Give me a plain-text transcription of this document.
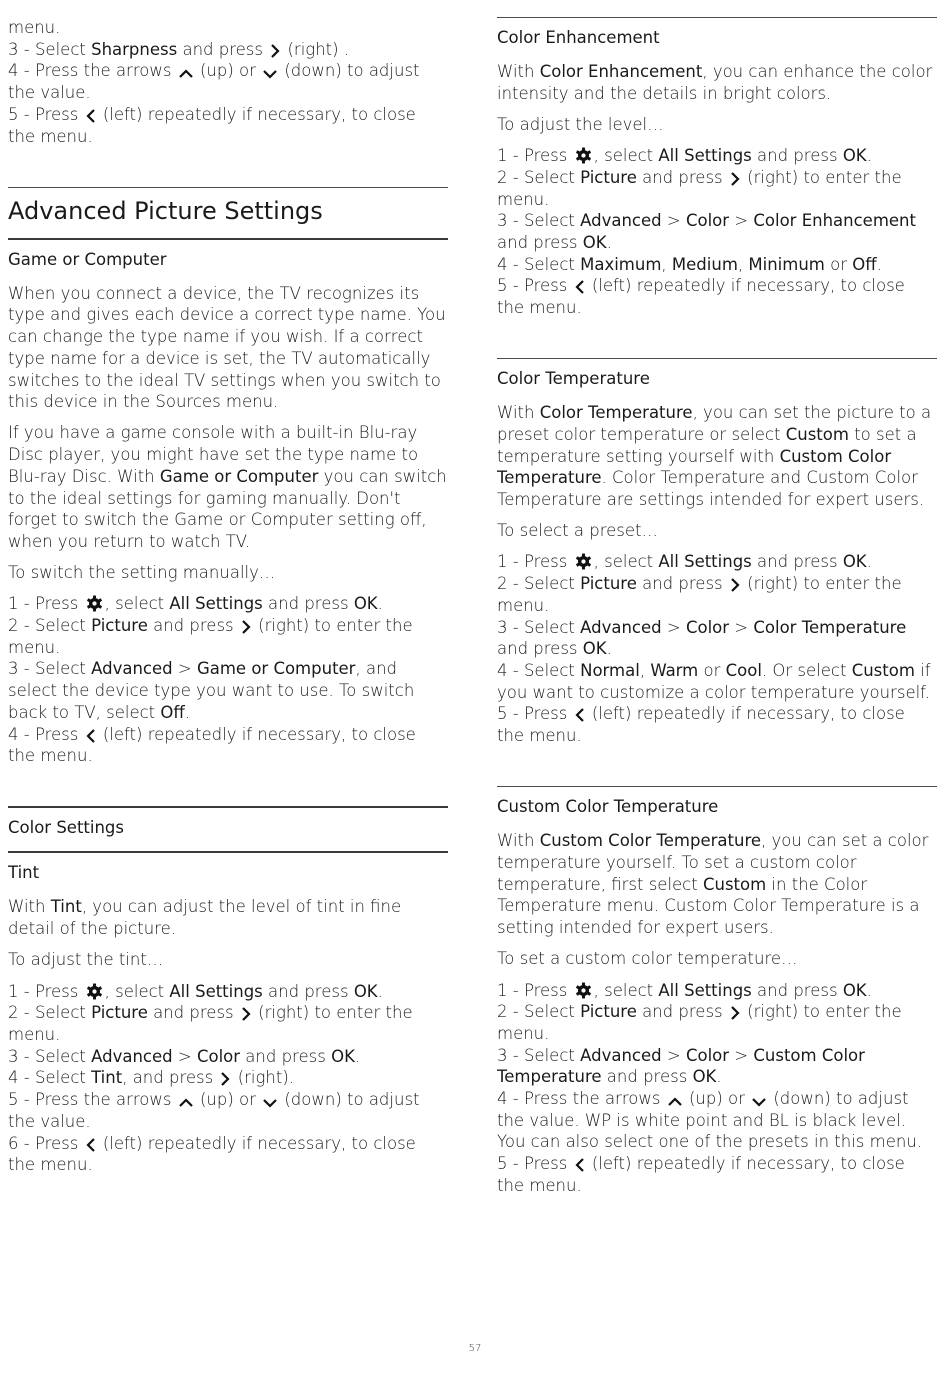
menu.

3 - Select Sharpness and press
(right) .

4 - Press the arrows
(up) or
(down) to adjust the value.

5 - Press
(left) repeatedly if necessary, to close the menu.

Advanced Picture Settings
Game or Computer

When you connect a device, the TV recognizes its type and gives each device a correct type name. You can change the type name if you wish. If a correct type name for a device is set, the TV automatically switches to the ideal TV settings when you switch to this device in the Sources menu.

If you have a game console with a built-in Blu-ray Disc player, you might have set the type name to Blu-ray Disc. With Game or Computer you can switch to the ideal settings for gaming manually. Don't forget to switch the Game or Computer setting off, when you return to watch TV.

To switch the setting manually…

1 - Press
, select All Settings and press OK.

2 - Select Picture and press
(right) to enter the menu.

3 - Select Advanced > Game or Computer, and select the device type you want to use. To switch back to TV, select Off.

4 - Press
(left) repeatedly if necessary, to close the menu.

Color Settings
Tint

With Tint, you can adjust the level of tint in fine detail of the picture.

To adjust the tint…

1 - Press
, select All Settings and press OK.

2 - Select Picture and press
(right) to enter the menu.

3 - Select Advanced > Color and press OK.

4 - Select Tint, and press
(right).

5 - Press the arrows
(up) or
(down) to adjust the value.

6 - Press
(left) repeatedly if necessary, to close the menu.

Color Enhancement

With Color Enhancement, you can enhance the color intensity and the details in bright colors.

To adjust the level…

1 - Press
, select All Settings and press OK.

2 - Select Picture and press
(right) to enter the menu.

3 - Select Advanced > Color > Color Enhancement and press OK.

4 - Select Maximum, Medium, Minimum or Off.

5 - Press
(left) repeatedly if necessary, to close the menu.

Color Temperature

With Color Temperature, you can set the picture to a preset color temperature or select Custom to set a temperature setting yourself with Custom Color Temperature. Color Temperature and Custom Color Temperature are settings intended for expert users.

To select a preset…

1 - Press
, select All Settings and press OK.

2 - Select Picture and press
(right) to enter the menu.

3 - Select Advanced > Color > Color Temperature and press OK.

4 - Select Normal, Warm or Cool. Or select Custom if you want to customize a color temperature yourself.

5 - Press
(left) repeatedly if necessary, to close the menu.

Custom Color Temperature

With Custom Color Temperature, you can set a color temperature yourself. To set a custom color temperature, first select Custom in the Color Temperature menu. Custom Color Temperature is a setting intended for expert users.

To set a custom color temperature…

1 - Press
, select All Settings and press OK.

2 - Select Picture and press
(right) to enter the menu.

3 - Select Advanced > Color > Custom Color Temperature and press OK.

4 - Press the arrows
(up) or
(down) to adjust the value. WP is white point and BL is black level. You can also select one of the presets in this menu.

5 - Press
(left) repeatedly if necessary, to close the menu.

57
